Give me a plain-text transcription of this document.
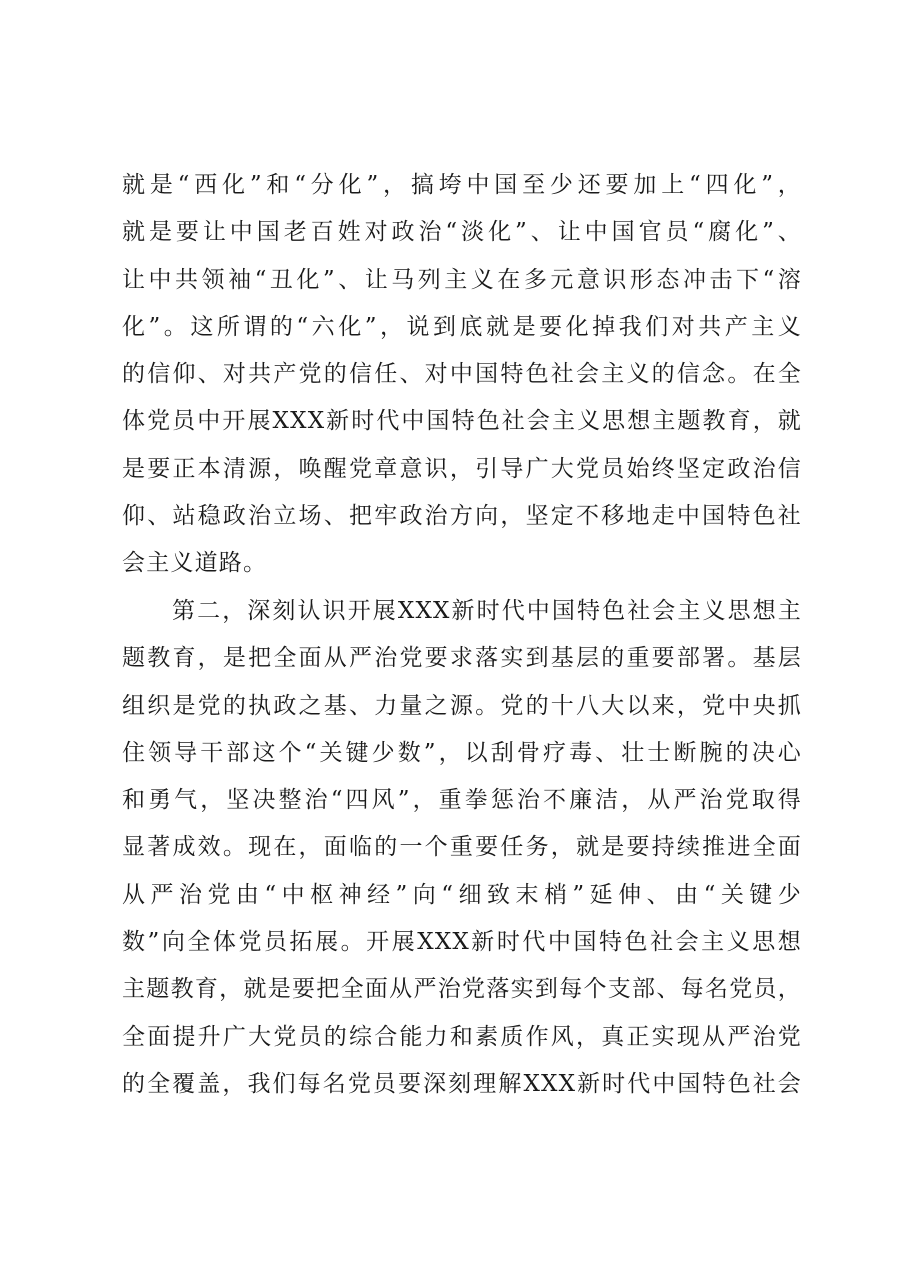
就是“西化”和“分化”，搞垮中国至少还要加上“四化”，
就是要让中国老百姓对政治“淡化”、让中国官员“腐化”、
让中共领袖“丑化”、让马列主义在多元意识形态冲击下“溶
化”。这所谓的“六化”，说到底就是要化掉我们对共产主义
的信仰、对共产党的信任、对中国特色社会主义的信念。在全
体党员中开展XXX新时代中国特色社会主义思想主题教育，就
是要正本清源，唤醒党章意识，引导广大党员始终坚定政治信
仰、站稳政治立场、把牢政治方向，坚定不移地走中国特色社
会主义道路。
第二，深刻认识开展XXX新时代中国特色社会主义思想主
题教育，是把全面从严治党要求落实到基层的重要部署。基层
组织是党的执政之基、力量之源。党的十八大以来，党中央抓
住领导干部这个“关键少数”，以刮骨疗毒、壮士断腕的决心
和勇气，坚决整治“四风”，重拳惩治不廉洁，从严治党取得
显著成效。现在，面临的一个重要任务，就是要持续推进全面
从严治党由“中枢神经”向“细致末梢”延伸、由“关键少
数”向全体党员拓展。开展XXX新时代中国特色社会主义思想
主题教育，就是要把全面从严治党落实到每个支部、每名党员，
全面提升广大党员的综合能力和素质作风，真正实现从严治党
的全覆盖，我们每名党员要深刻理解XXX新时代中国特色社会
